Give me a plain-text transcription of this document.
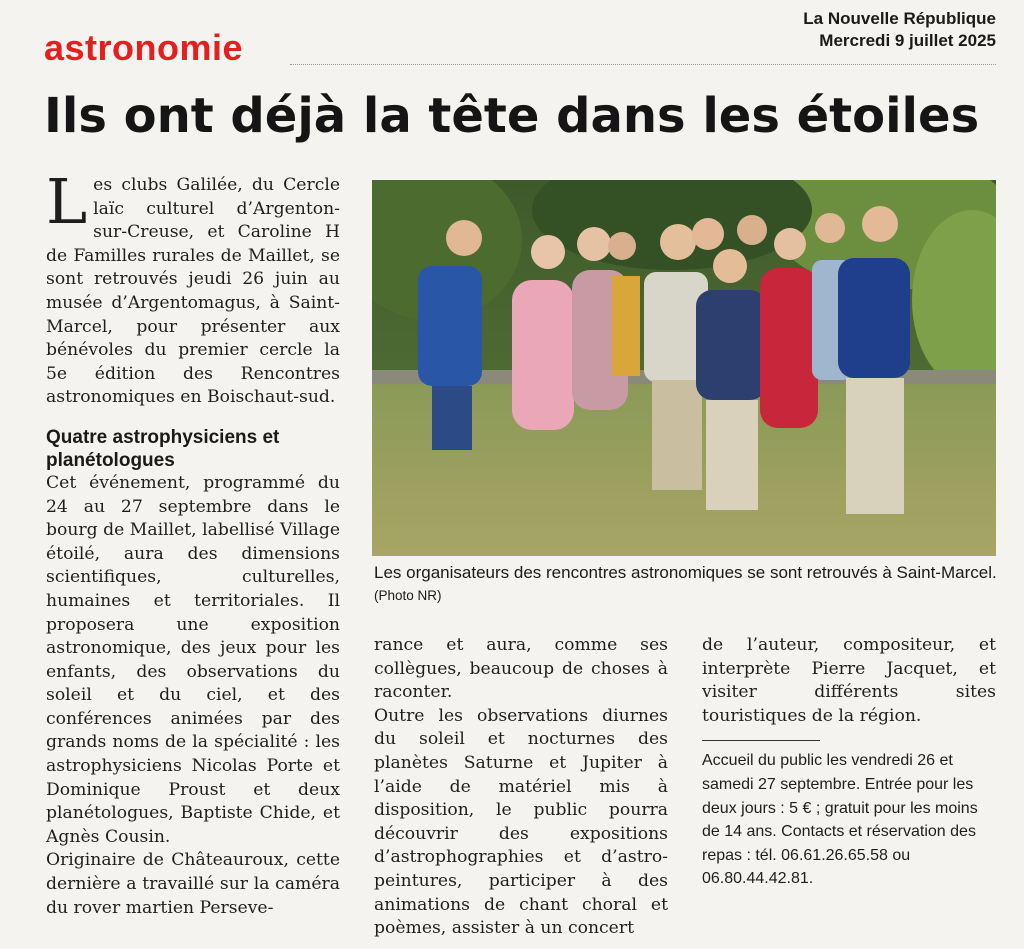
La Nouvelle République
Mercredi 9 juillet 2025
astronomie
Ils ont déjà la tête dans les étoiles

Les clubs Galilée, du Cercle laïc culturel d’Argenton-sur-Creuse, et Caroline H de Familles rurales de Maillet, se sont retrouvés jeudi 26 juin au musée d’Argentomagus, à Saint-Marcel, pour présenter aux bénévoles du premier cercle la 5e édition des Rencontres astronomiques en Boischaut-sud.

Quatre astrophysiciens et planétologues

Cet événement, programmé du 24 au 27 septembre dans le bourg de Maillet, labellisé Village étoilé, aura des dimensions scientifiques, culturelles, humaines et territoriales. Il proposera une exposition astronomique, des jeux pour les enfants, des observations du soleil et du ciel, et des conférences animées par des grands noms de la spécialité : les astrophysiciens Nicolas Porte et Dominique Proust et deux planétologues, Baptiste Chide, et Agnès Cousin.

Originaire de Châteauroux, cette dernière a travaillé sur la caméra du rover martien Perseve-

Les organisateurs des rencontres astronomiques se sont retrouvés à Saint-Marcel. (Photo NR)

rance et aura, comme ses collègues, beaucoup de choses à raconter.

Outre les observations diurnes du soleil et nocturnes des planètes Saturne et Jupiter à l’aide de matériel mis à disposition, le public pourra découvrir des expositions d’astrophographies et d’astro-peintures, participer à des animations de chant choral et poèmes, assister à un concert

de l’auteur, compositeur, et interprète Pierre Jacquet, et visiter différents sites touristiques de la région.

Accueil du public les vendredi 26 et samedi 27 septembre. Entrée pour les deux jours : 5 € ; gratuit pour les moins de 14 ans. Contacts et réservation des repas : tél. 06.61.26.65.58 ou 06.80.44.42.81.
